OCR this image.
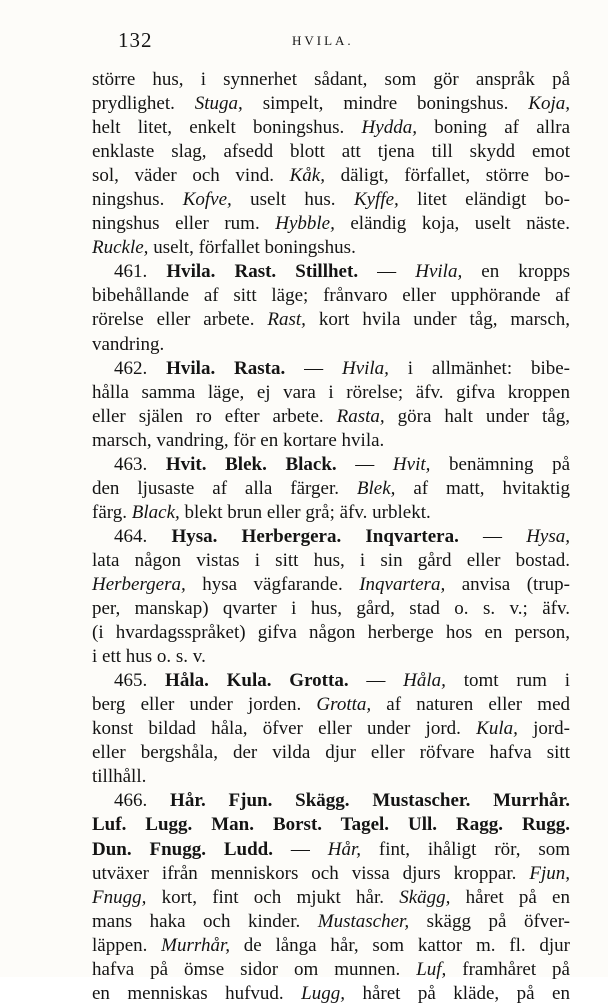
132	HVILA.
större hus, i synnerhet sådant, som gör anspråk på
prydlighet. Stuga, simpelt, mindre boningshus. Koja,
helt litet, enkelt boningshus. Hydda, boning af allra
enklaste slag, afsedd blott att tjena till skydd emot
sol, väder och vind. Kåk, däligt, förfallet, större bo-
ningshus. Kofve, uselt hus. Kyffe, litet eländigt bo-
ningshus eller rum. Hybble, eländig koja, uselt näste.
Ruckle, uselt, förfallet boningshus.
461. Hvila. Rast. Stillhet. — Hvila, en kropps
bibehållande af sitt läge; frånvaro eller upphörande af
rörelse eller arbete. Rast, kort hvila under tåg, marsch,
vandring.
462. Hvila. Rasta. — Hvila, i allmänhet: bibe-
hålla samma läge, ej vara i rörelse; äfv. gifva kroppen
eller själen ro efter arbete. Rasta, göra halt under tåg,
marsch, vandring, för en kortare hvila.
463. Hvit. Blek. Black. — Hvit, benämning på
den ljusaste af alla färger. Blek, af matt, hvitaktig
färg. Black, blekt brun eller grå; äfv. urblekt.
464. Hysa. Herbergera. Inqvartera. — Hysa,
lata någon vistas i sitt hus, i sin gård eller bostad.
Herbergera, hysa vägfarande. Inqvartera, anvisa (trup-
per, manskap) qvarter i hus, gård, stad o. s. v.; äfv.
(i hvardagsspråket) gifva någon herberge hos en person,
i ett hus o. s. v.
465. Håla. Kula. Grotta. — Håla, tomt rum i
berg eller under jorden. Grotta, af naturen eller med
konst bildad håla, öfver eller under jord. Kula, jord-
eller bergshåla, der vilda djur eller röfvare hafva sitt
tillhåll.
466. Hår. Fjun. Skägg. Mustascher. Murrhår.
Luf. Lugg. Man. Borst. Tagel. Ull. Ragg. Rugg.
Dun. Fnugg. Ludd. — Hår, fint, ihåligt rör, som
utväxer ifrån menniskors och vissa djurs kroppar. Fjun,
Fnugg, kort, fint och mjukt hår. Skägg, håret på en
mans haka och kinder. Mustascher, skägg på öfver-
läppen. Murrhår, de långa hår, som kattor m. fl. djur
hafva på ömse sidor om munnen. Luf, framhåret på
en menniskas hufvud. Lugg, håret på kläde, på en
